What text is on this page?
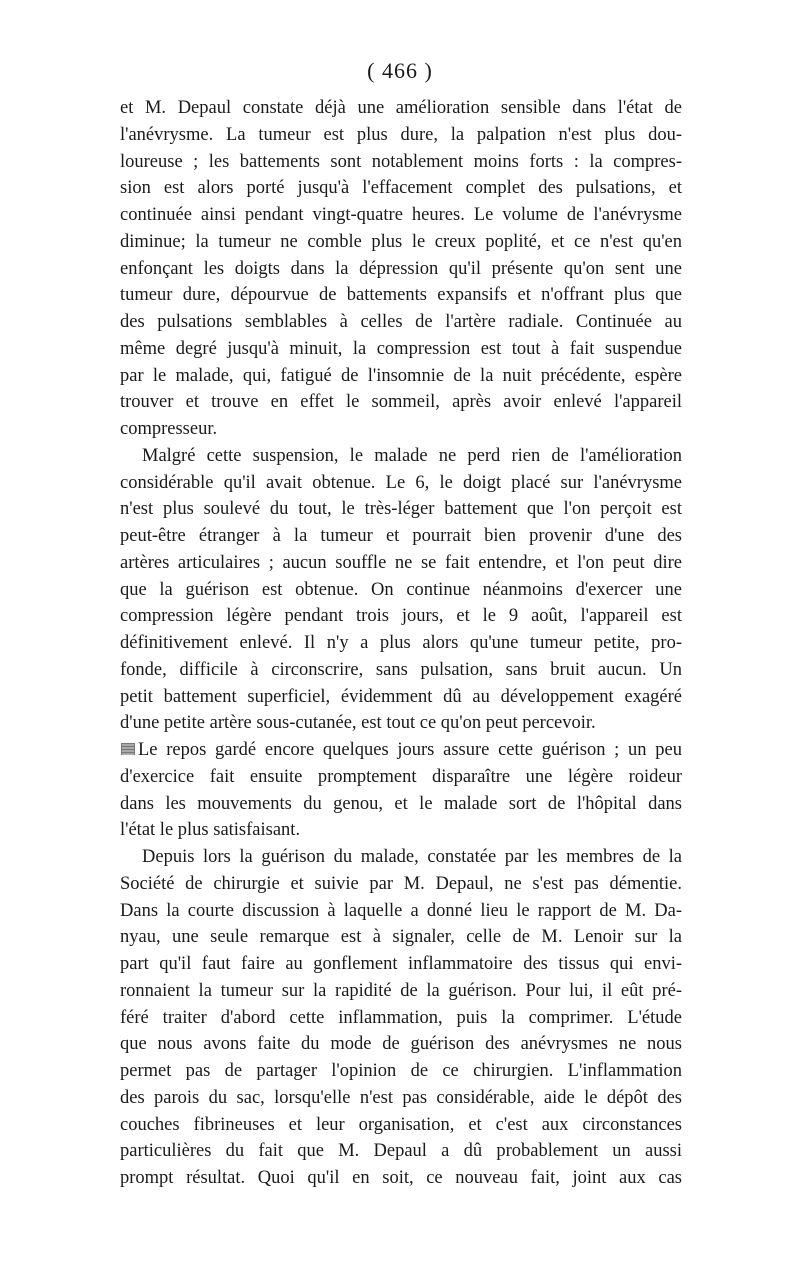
( 466 )
et M. Depaul constate déjà une amélioration sensible dans l'état de
l'anévrysme. La tumeur est plus dure, la palpation n'est plus dou-
loureuse ; les battements sont notablement moins forts : la compres-
sion est alors porté jusqu'à l'effacement complet des pulsations, et
continuée ainsi pendant vingt-quatre heures. Le volume de l'anévrysme
diminue; la tumeur ne comble plus le creux poplité, et ce n'est qu'en
enfonçant les doigts dans la dépression qu'il présente qu'on sent une
tumeur dure, dépourvue de battements expansifs et n'offrant plus que
des pulsations semblables à celles de l'artère radiale. Continuée au
même degré jusqu'à minuit, la compression est tout à fait suspendue
par le malade, qui, fatigué de l'insomnie de la nuit précédente, espère
trouver et trouve en effet le sommeil, après avoir enlevé l'appareil
compresseur.
Malgré cette suspension, le malade ne perd rien de l'amélioration
considérable qu'il avait obtenue. Le 6, le doigt placé sur l'anévrysme
n'est plus soulevé du tout, le très-léger battement que l'on perçoit est
peut-être étranger à la tumeur et pourrait bien provenir d'une des
artères articulaires ; aucun souffle ne se fait entendre, et l'on peut dire
que la guérison est obtenue. On continue néanmoins d'exercer une
compression légère pendant trois jours, et le 9 août, l'appareil est
définitivement enlevé. Il n'y a plus alors qu'une tumeur petite, pro-
fonde, difficile à circonscrire, sans pulsation, sans bruit aucun. Un
petit battement superficiel, évidemment dû au développement exagéré
d'une petite artère sous-cutanée, est tout ce qu'on peut percevoir.
Le repos gardé encore quelques jours assure cette guérison ; un peu
d'exercice fait ensuite promptement disparaître une légère roideur
dans les mouvements du genou, et le malade sort de l'hôpital dans
l'état le plus satisfaisant.
Depuis lors la guérison du malade, constatée par les membres de la
Société de chirurgie et suivie par M. Depaul, ne s'est pas démentie.
Dans la courte discussion à laquelle a donné lieu le rapport de M. Da-
nyau, une seule remarque est à signaler, celle de M. Lenoir sur la
part qu'il faut faire au gonflement inflammatoire des tissus qui envi-
ronnaient la tumeur sur la rapidité de la guérison. Pour lui, il eût pré-
féré traiter d'abord cette inflammation, puis la comprimer. L'étude
que nous avons faite du mode de guérison des anévrysmes ne nous
permet pas de partager l'opinion de ce chirurgien. L'inflammation
des parois du sac, lorsqu'elle n'est pas considérable, aide le dépôt des
couches fibrineuses et leur organisation, et c'est aux circonstances
particulières du fait que M. Depaul a dû probablement un aussi
prompt résultat. Quoi qu'il en soit, ce nouveau fait, joint aux cas
